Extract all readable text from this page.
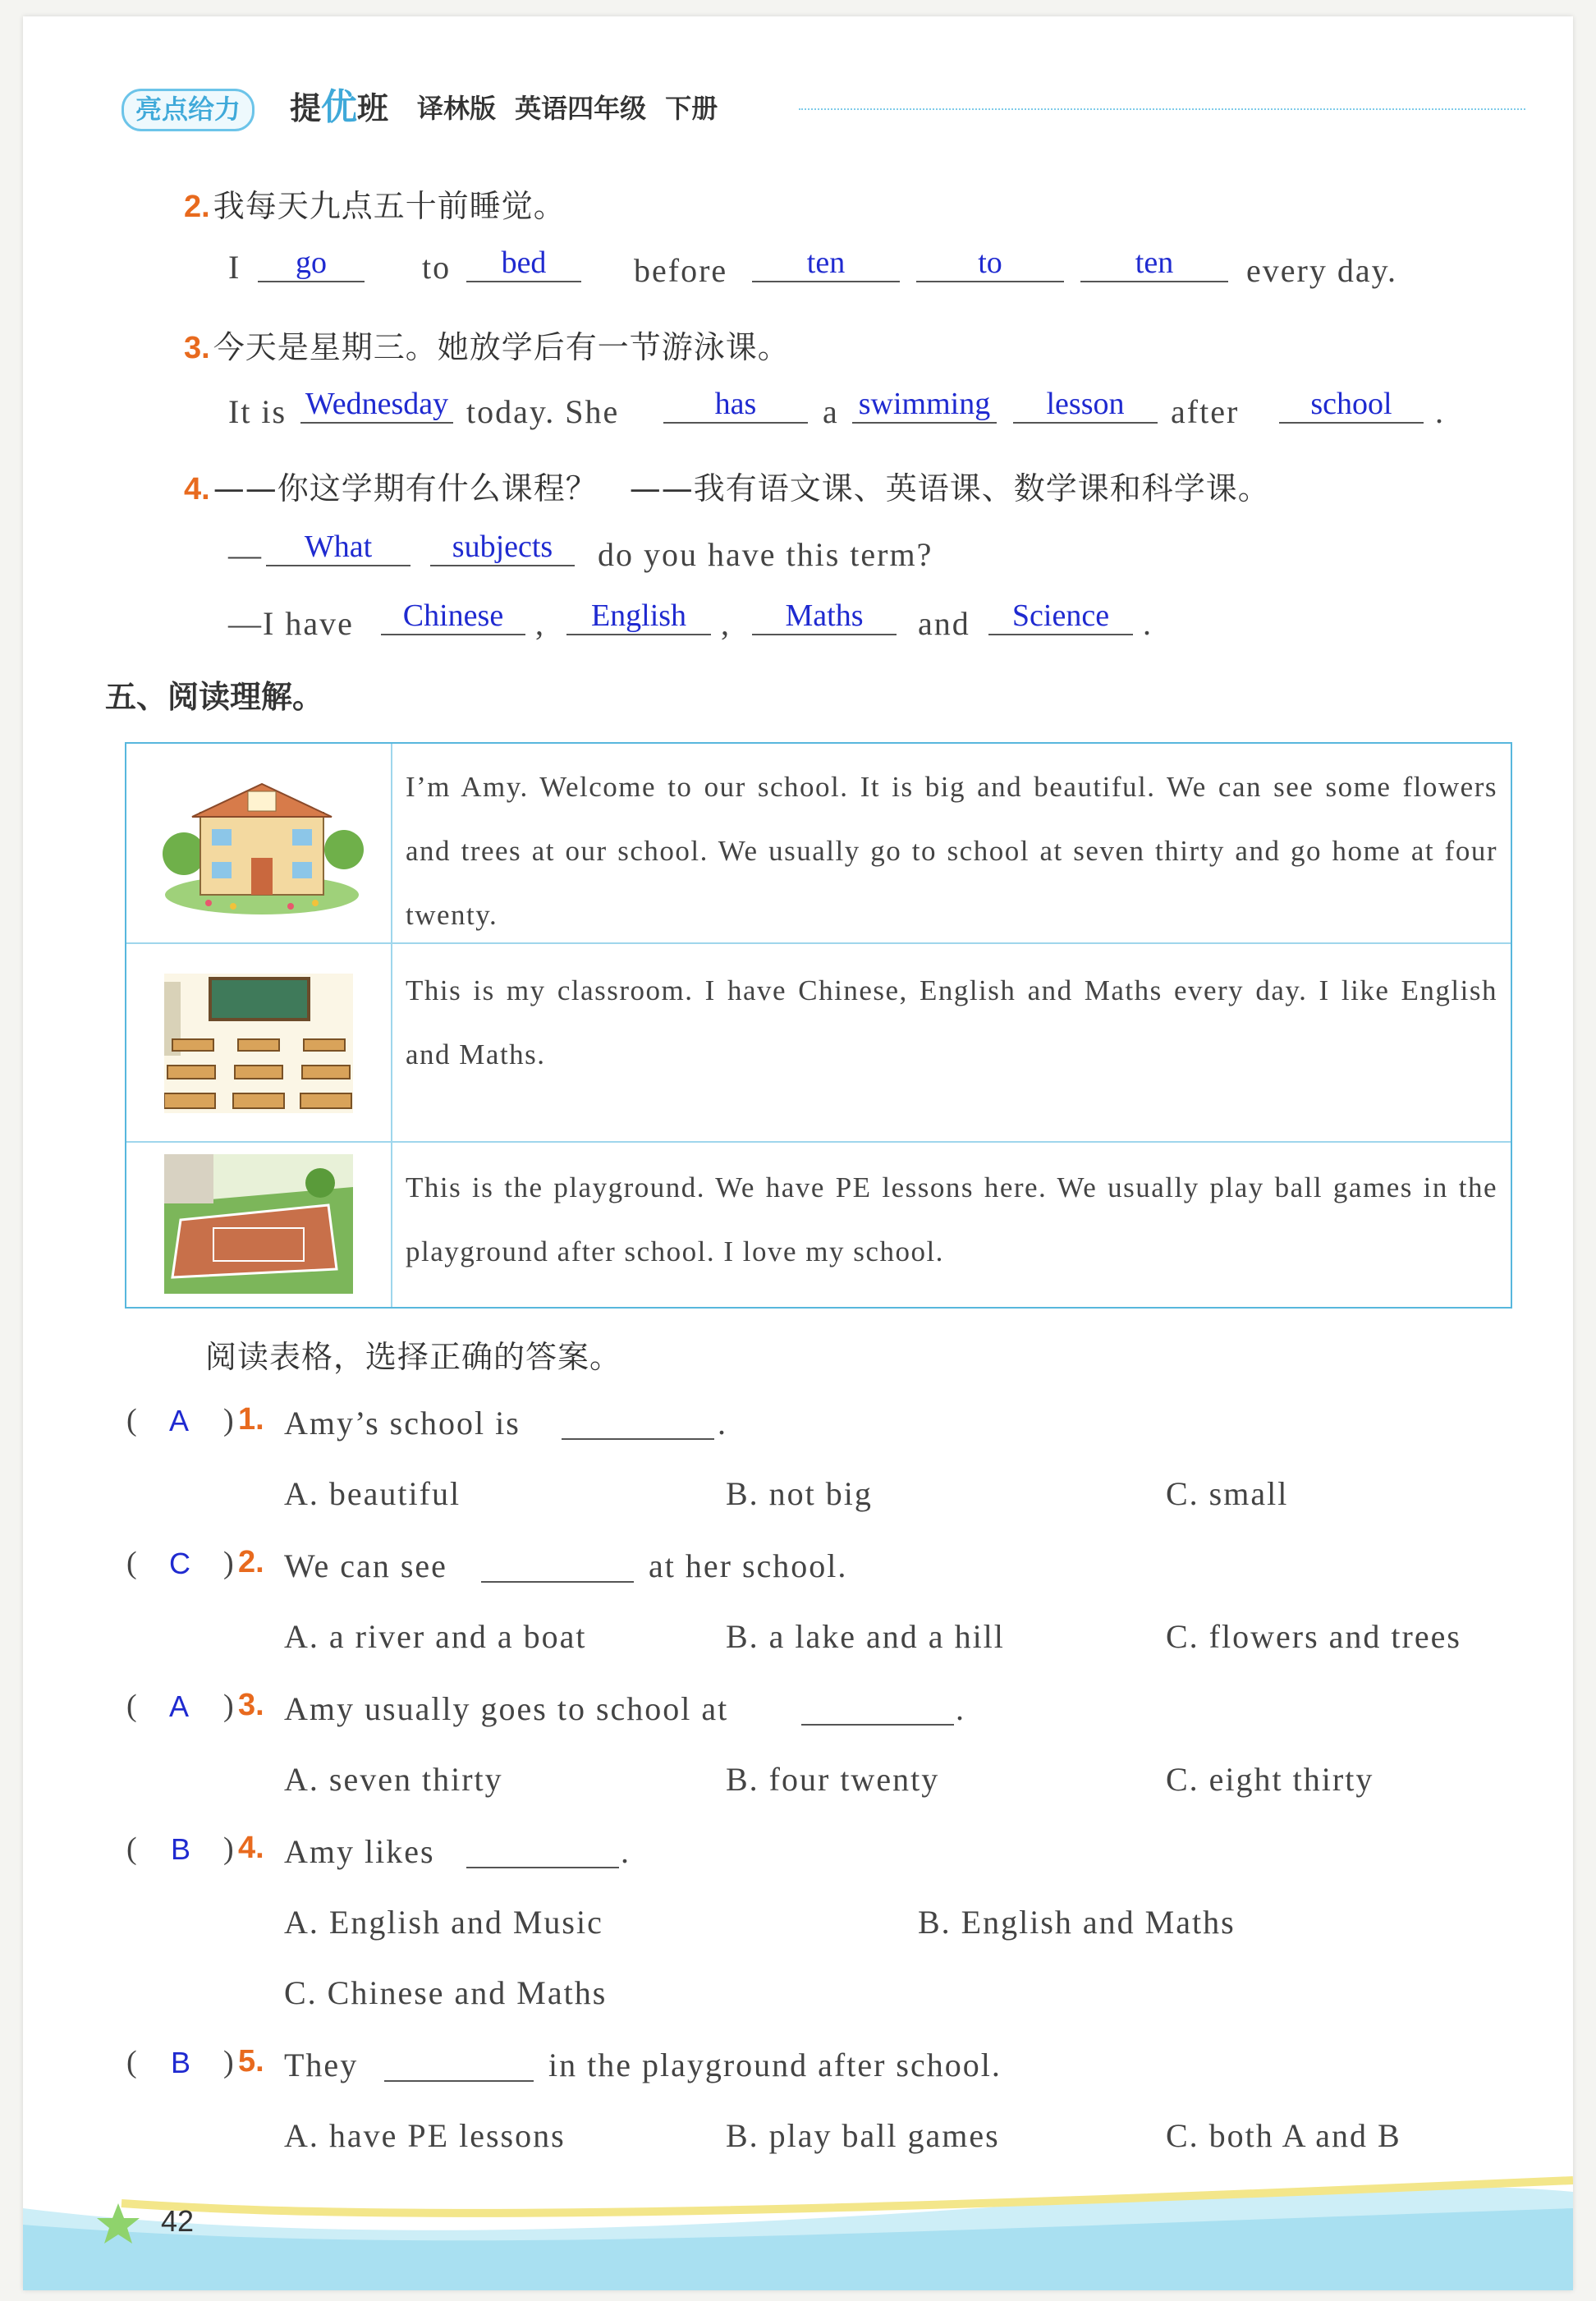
亮点给力	提优班 译林版 英语四年级 下册
2. 我每天九点五十前睡觉。
I	go	to	bed	before	ten	to	ten	every day.
3. 今天是星期三。她放学后有一节游泳课。
It is Wednesday today. She	has	a swimming	lesson	after	school	.
4. ——你这学期有什么课程？　——我有语文课、英语课、数学课和科学课。
—	What	subjects	do you have this term?
—I have	Chinese ,	English	,	Maths	and	Science	.
五、阅读理解。
I’m Amy. Welcome to our school. It is big and beautiful. We can see some flowers and trees at our school. We usually go to school at seven thirty and go home at four twenty.
This is my classroom. I have Chinese, English and Maths every day. I like English and Maths.
This is the playground. We have PE lessons here. We usually play ball games in the playground after school. I love my school.
阅读表格，选择正确的答案。
( A ) 1. Amy’s school is	.
A. beautiful	B. not big	C. small
( C ) 2. We can see	at her school.
A. a river and a boat	B. a lake and a hill	C. flowers and trees
( A ) 3. Amy usually goes to school at	.
A. seven thirty	B. four twenty	C. eight thirty
( B ) 4. Amy likes	.
A. English and Music	B. English and Maths
C. Chinese and Maths
( B ) 5. They	in the playground after school.
A. have PE lessons	B. play ball games	C. both A and B
42
